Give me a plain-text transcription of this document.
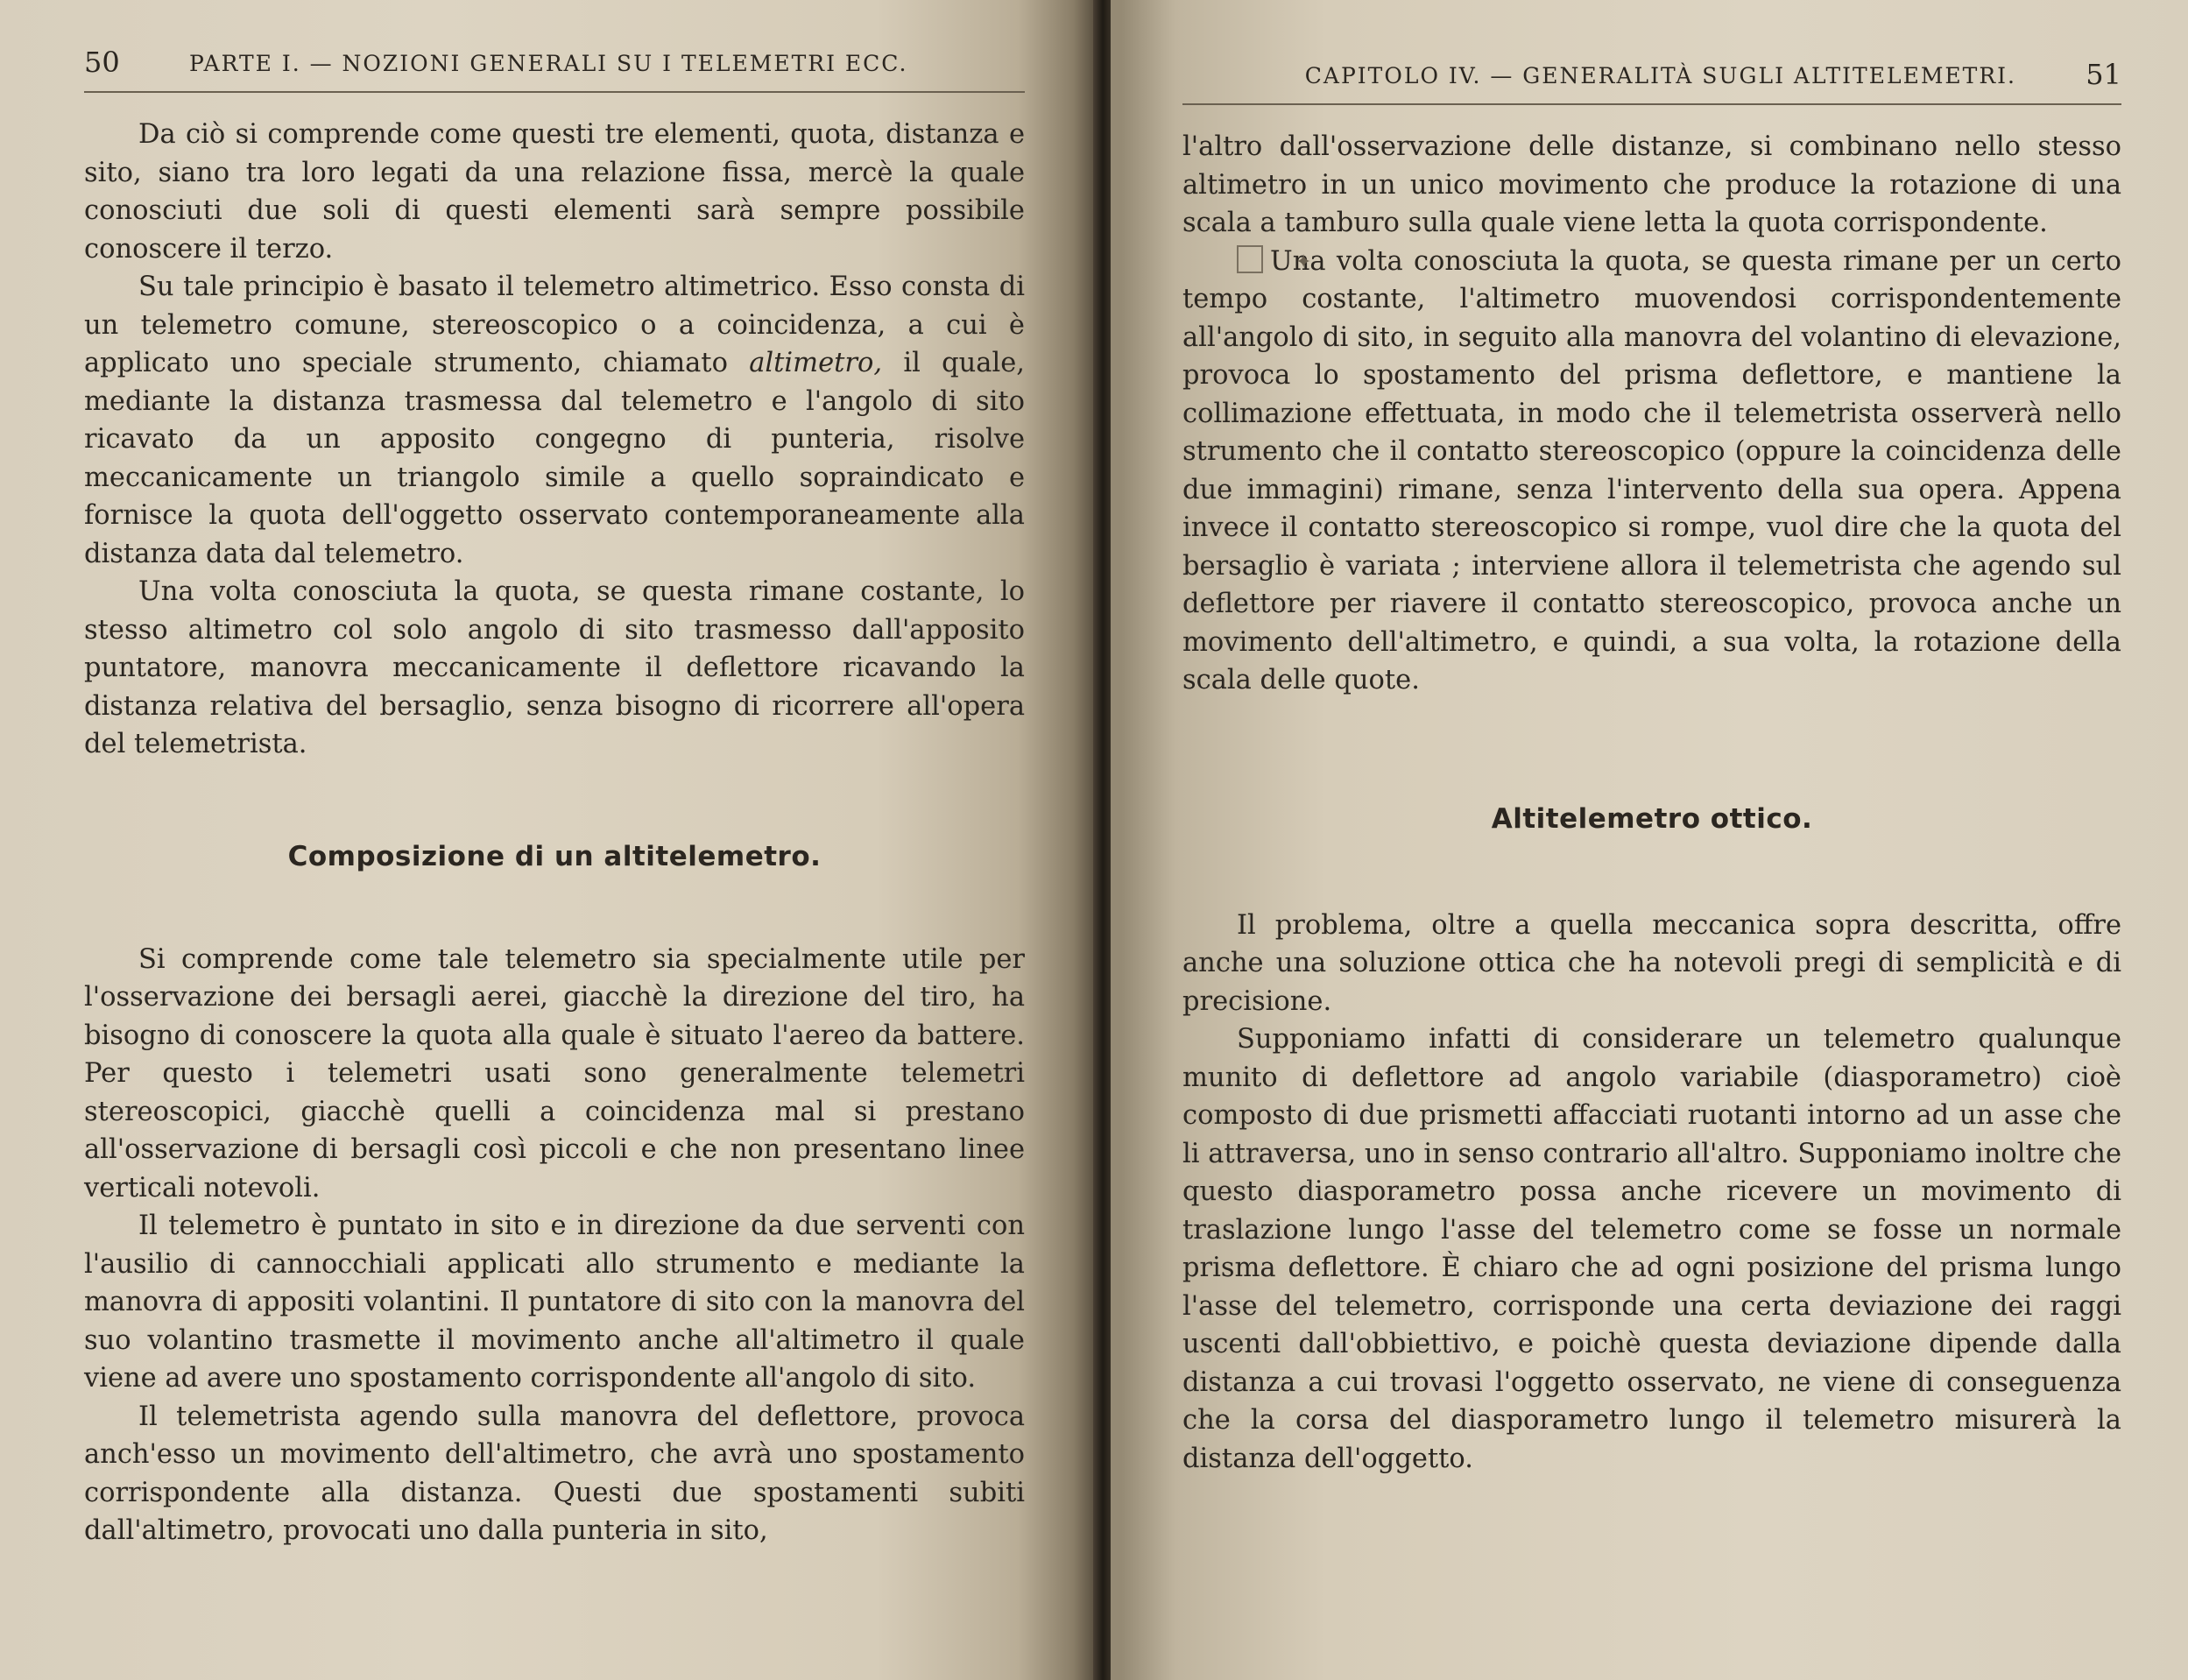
50	PARTE I. — NOZIONI GENERALI SU I TELEMETRI ECC.

Da ciò si comprende come questi tre elementi, quota, distanza e sito, siano tra loro legati da una relazione fissa, mercè la quale conosciuti due soli di questi elementi sarà sempre possibile conoscere il terzo.

Su tale principio è basato il telemetro altimetrico. Esso consta di un telemetro comune, stereoscopico o a coincidenza, a cui è applicato uno speciale strumento, chiamato altimetro, il quale, mediante la distanza trasmessa dal telemetro e l'angolo di sito ricavato da un apposito congegno di punteria, risolve meccanicamente un triangolo simile a quello sopraindicato e fornisce la quota dell'oggetto osservato contemporaneamente alla distanza data dal telemetro.

Una volta conosciuta la quota, se questa rimane costante, lo stesso altimetro col solo angolo di sito trasmesso dall'apposito puntatore, manovra meccanicamente il deflettore ricavando la distanza relativa del bersaglio, senza bisogno di ricorrere all'opera del telemetrista.

Composizione di un altitelemetro.

Si comprende come tale telemetro sia specialmente utile per l'osservazione dei bersagli aerei, giacchè la direzione del tiro, ha bisogno di conoscere la quota alla quale è situato l'aereo da battere. Per questo i telemetri usati sono generalmente telemetri stereoscopici, giacchè quelli a coincidenza mal si prestano all'osservazione di bersagli così piccoli e che non presentano linee verticali notevoli.

Il telemetro è puntato in sito e in direzione da due serventi con l'ausilio di cannocchiali applicati allo strumento e mediante la manovra di appositi volantini. Il puntatore di sito con la manovra del suo volantino trasmette il movimento anche all'altimetro il quale viene ad avere uno spostamento corrispondente all'angolo di sito.

Il telemetrista agendo sulla manovra del deflettore, provoca anch'esso un movimento dell'altimetro, che avrà uno spostamento corrispondente alla distanza. Questi due spostamenti subiti dall'altimetro, provocati uno dalla punteria in sito,

CAPITOLO IV. — GENERALITÀ SUGLI ALTITELEMETRI. 51

l'altro dall'osservazione delle distanze, si combinano nello stesso altimetro in un unico movimento che produce la rotazione di una scala a tamburo sulla quale viene letta la quota corrispondente.

✦Una volta conosciuta la quota, se questa rimane per un certo tempo costante, l'altimetro muovendosi corrispondentemente all'angolo di sito, in seguito alla manovra del volantino di elevazione, provoca lo spostamento del prisma deflettore, e mantiene la collimazione effettuata, in modo che il telemetrista osserverà nello strumento che il contatto stereoscopico (oppure la coincidenza delle due immagini) rimane, senza l'intervento della sua opera. Appena invece il contatto stereoscopico si rompe, vuol dire che la quota del bersaglio è variata ; interviene allora il telemetrista che agendo sul deflettore per riavere il contatto stereoscopico, provoca anche un movimento dell'altimetro, e quindi, a sua volta, la rotazione della scala delle quote.

Altitelemetro ottico.

Il problema, oltre a quella meccanica sopra descritta, offre anche una soluzione ottica che ha notevoli pregi di semplicità e di precisione.

Supponiamo infatti di considerare un telemetro qualunque munito di deflettore ad angolo variabile (diasporametro) cioè composto di due prismetti affacciati ruotanti intorno ad un asse che li attraversa, uno in senso contrario all'altro. Supponiamo inoltre che questo diasporametro possa anche ricevere un movimento di traslazione lungo l'asse del telemetro come se fosse un normale prisma deflettore. È chiaro che ad ogni posizione del prisma lungo l'asse del telemetro, corrisponde una certa deviazione dei raggi uscenti dall'obbiettivo, e poichè questa deviazione dipende dalla distanza a cui trovasi l'oggetto osservato, ne viene di conseguenza che la corsa del diasporametro lungo il telemetro misurerà la distanza dell'oggetto.
